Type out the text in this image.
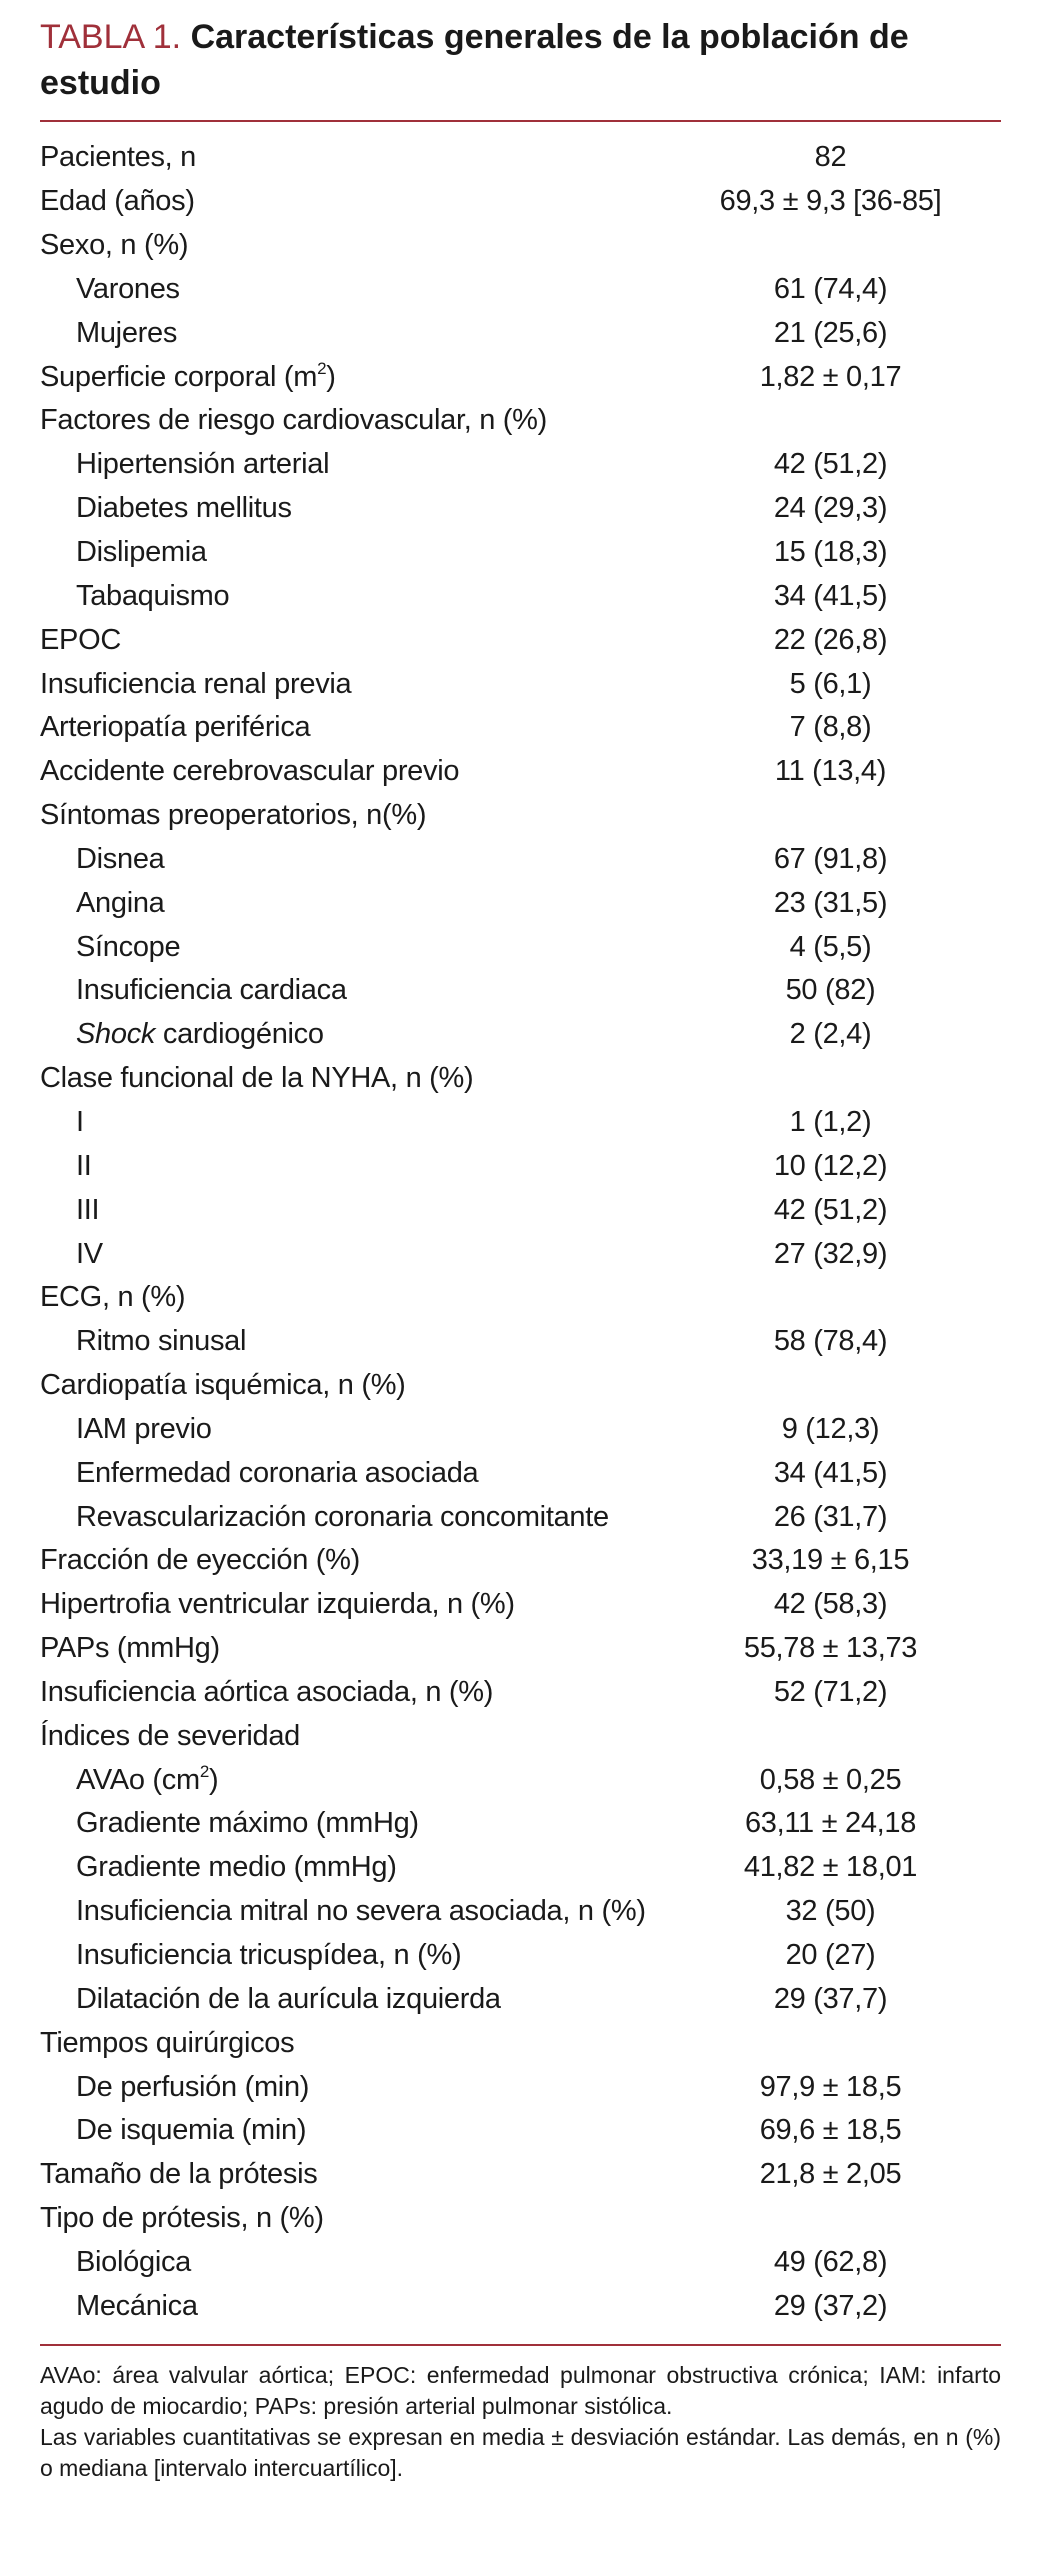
TABLA 1. Características generales de la población de estudio
Pacientes, n	82
Edad (años)	69,3 ± 9,3 [36-85]
Sexo, n (%)
Varones	61 (74,4)
Mujeres	21 (25,6)
Superficie corporal $(m^2)$	1,82 ± 0,17
Factores de riesgo cardiovascular, n (%)
Hipertensión arterial	42 (51,2)
Diabetes mellitus	24 (29,3)
Dislipemia	15 (18,3)
Tabaquismo	34 (41,5)
EPOC	22 (26,8)
Insuficiencia renal previa	5 (6,1)
Arteriopatía periférica	7 (8,8)
Accidente cerebrovascular previo	11 (13,4)
Síntomas preoperatorios, n(%)
Disnea	67 (91,8)
Angina	23 (31,5)
Síncope	4 (5,5)
Insuficiencia cardiaca	50 (82)
Shock cardiogénico	2 (2,4)
Clase funcional de la NYHA, n (%)
I	1 (1,2)
II	10 (12,2)
III	42 (51,2)
IV	27 (32,9)
ECG, n (%)
Ritmo sinusal	58 (78,4)
Cardiopatía isquémica, n (%)
IAM previo	9 (12,3)
Enfermedad coronaria asociada	34 (41,5)
Revascularización coronaria concomitante	26 (31,7)
Fracción de eyección (%)	33,19 ± 6,15
Hipertrofia ventricular izquierda, n (%)	42 (58,3)
PAPs (mmHg)	55,78 ± 13,73
Insuficiencia aórtica asociada, n (%)	52 (71,2)
Índices de severidad
AVAo $(cm^2)$	0,58 ± 0,25
Gradiente máximo (mmHg)	63,11 ± 24,18
Gradiente medio (mmHg)	41,82 ± 18,01
Insuficiencia mitral no severa asociada, n (%)	32 (50)
Insuficiencia tricuspídea, n (%)	20 (27)
Dilatación de la aurícula izquierda	29 (37,7)
Tiempos quirúrgicos
De perfusión (min)	97,9 ± 18,5
De isquemia (min)	69,6 ± 18,5
Tamaño de la prótesis	21,8 ± 2,05
Tipo de prótesis, n (%)
Biológica	49 (62,8)
Mecánica	29 (37,2)

AVAo: área valvular aórtica; EPOC: enfermedad pulmonar obstructiva crónica; IAM: infarto agudo de miocardio; PAPs: presión arterial pulmonar sistólica.

Las variables cuantitativas se expresan en media ± desviación estándar. Las demás, en n (%) o mediana [intervalo intercuartílico].
